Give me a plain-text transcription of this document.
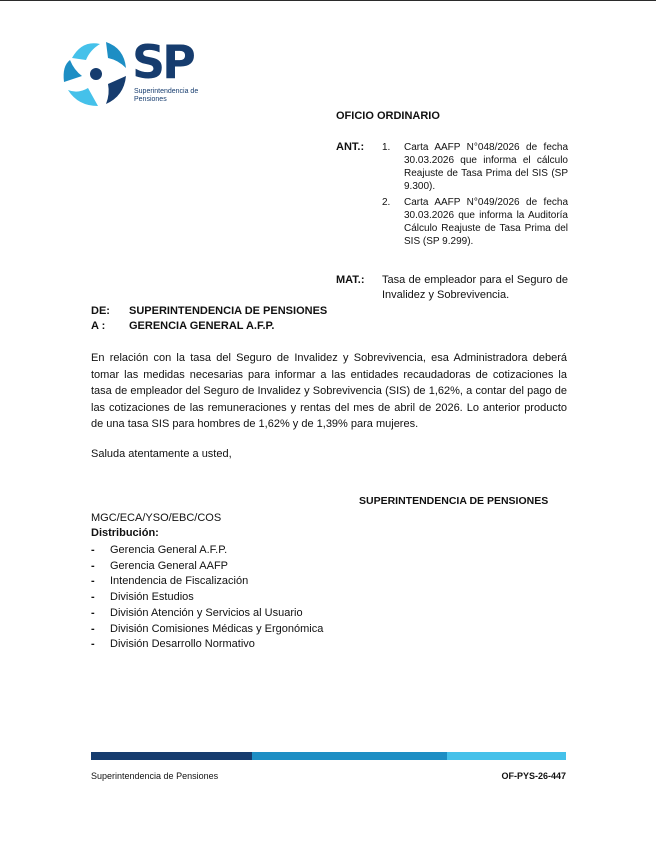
SP
Superintendencia de Pensiones
OFICIO ORDINARIO
ANT.: 1. Carta AAFP N°048/2026 de fecha 30.03.2026 que informa el cálculo Reajuste de Tasa Prima del SIS (SP 9.300).
2. Carta AAFP N°049/2026 de fecha 30.03.2026 que informa la Auditoría Cálculo Reajuste de Tasa Prima del SIS (SP 9.299).
MAT.: Tasa de empleador para el Seguro de Invalidez y Sobrevivencia.
DE: SUPERINTENDENCIA DE PENSIONES
A : GERENCIA GENERAL A.F.P.
En relación con la tasa del Seguro de Invalidez y Sobrevivencia, esa Administradora deberá tomar las medidas necesarias para informar a las entidades recaudadoras de cotizaciones la tasa de empleador del Seguro de Invalidez y Sobrevivencia (SIS) de 1,62%, a contar del pago de las cotizaciones de las remuneraciones y rentas del mes de abril de 2026. Lo anterior producto de una tasa SIS para hombres de 1,62% y de 1,39% para mujeres.
Saluda atentamente a usted,
SUPERINTENDENCIA DE PENSIONES
MGC/ECA/YSO/EBC/COS
Distribución:
- Gerencia General A.F.P.
- Gerencia General AAFP
- Intendencia de Fiscalización
- División Estudios
- División Atención y Servicios al Usuario
- División Comisiones Médicas y Ergonómica
- División Desarrollo Normativo
Superintendencia de Pensiones	OF-PYS-26-447
